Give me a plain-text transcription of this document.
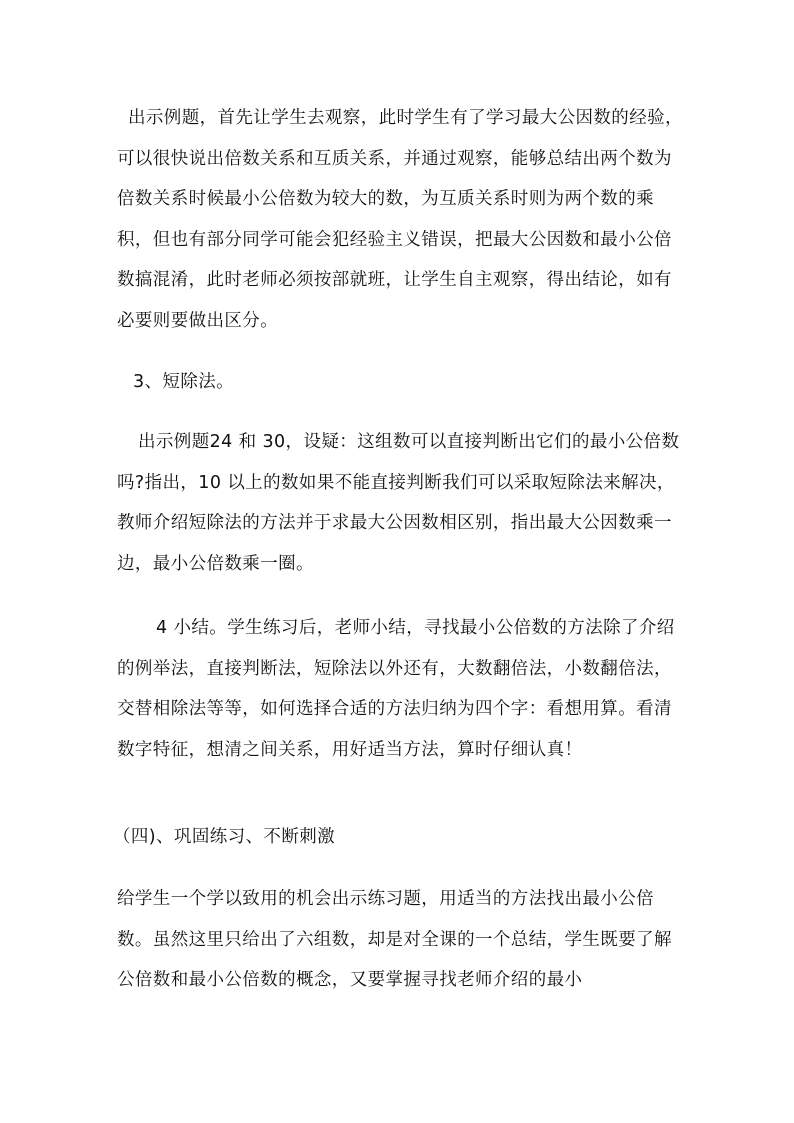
出示例题，首先让学生去观察，此时学生有了学习最大公因数的经验，可以很快说出倍数关系和互质关系，并通过观察，能够总结出两个数为倍数关系时候最小公倍数为较大的数，为互质关系时则为两个数的乘积，但也有部分同学可能会犯经验主义错误，把最大公因数和最小公倍数搞混淆，此时老师必须按部就班，让学生自主观察，得出结论，如有必要则要做出区分。

3、短除法。

出示例题24 和 30，设疑：这组数可以直接判断出它们的最小公倍数吗?指出，10 以上的数如果不能直接判断我们可以采取短除法来解决，教师介绍短除法的方法并于求最大公因数相区别，指出最大公因数乘一边，最小公倍数乘一圈。

4 小结。学生练习后，老师小结，寻找最小公倍数的方法除了介绍的例举法，直接判断法，短除法以外还有，大数翻倍法，小数翻倍法，交替相除法等等，如何选择合适的方法归纳为四个字：看想用算。看清数字特征，想清之间关系，用好适当方法，算时仔细认真！

（四)、巩固练习、不断刺激

给学生一个学以致用的机会出示练习题，用适当的方法找出最小公倍数。虽然这里只给出了六组数，却是对全课的一个总结，学生既要了解公倍数和最小公倍数的概念，又要掌握寻找老师介绍的最小
